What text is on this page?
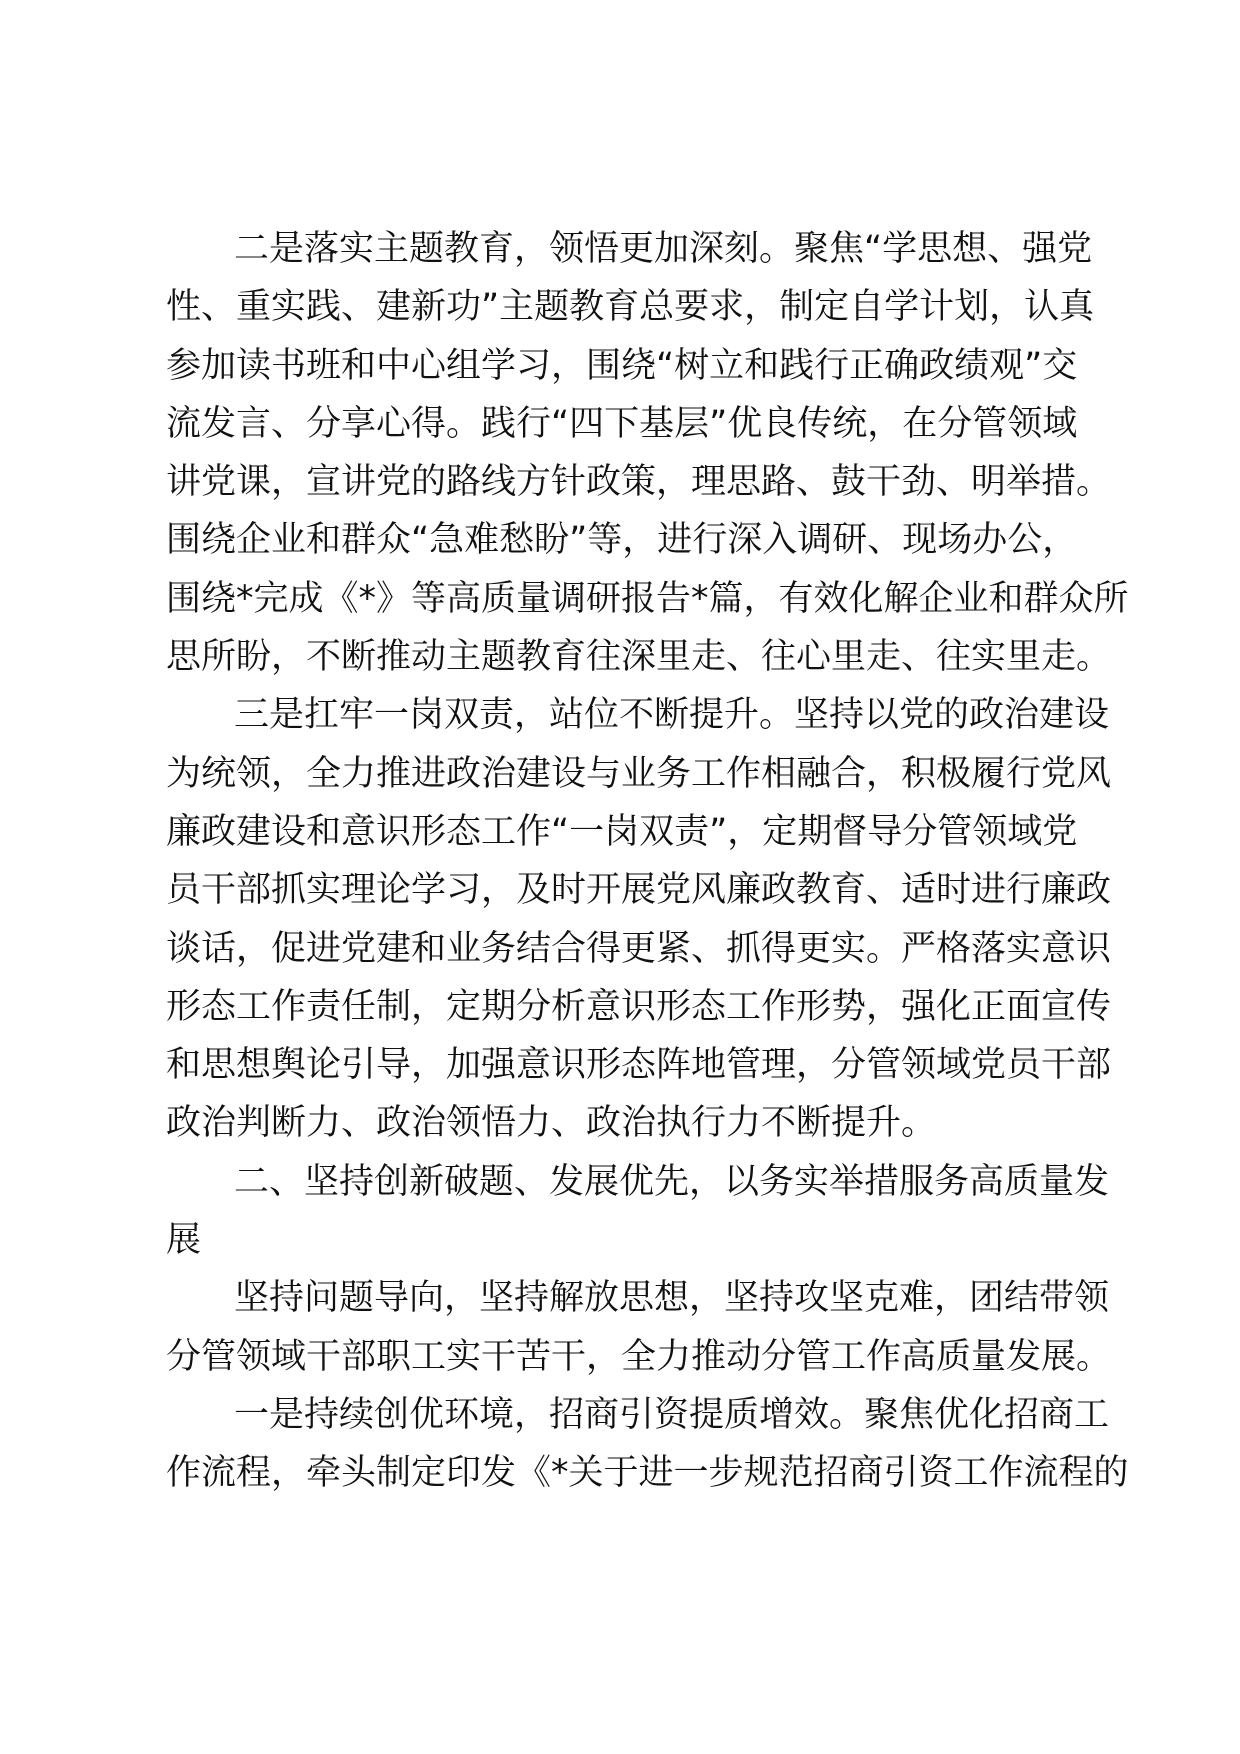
二是落实主题教育，领悟更加深刻。聚焦“学思想、强党
性、重实践、建新功”主题教育总要求，制定自学计划，认真
参加读书班和中心组学习，围绕“树立和践行正确政绩观”交
流发言、分享心得。践行“四下基层”优良传统，在分管领域
讲党课，宣讲党的路线方针政策，理思路、鼓干劲、明举措。
围绕企业和群众“急难愁盼”等，进行深入调研、现场办公，
围绕*完成《*》等高质量调研报告*篇，有效化解企业和群众所
思所盼，不断推动主题教育往深里走、往心里走、往实里走。
三是扛牢一岗双责，站位不断提升。坚持以党的政治建设
为统领，全力推进政治建设与业务工作相融合，积极履行党风
廉政建设和意识形态工作“一岗双责”，定期督导分管领域党
员干部抓实理论学习，及时开展党风廉政教育、适时进行廉政
谈话，促进党建和业务结合得更紧、抓得更实。严格落实意识
形态工作责任制，定期分析意识形态工作形势，强化正面宣传
和思想舆论引导，加强意识形态阵地管理，分管领域党员干部
政治判断力、政治领悟力、政治执行力不断提升。
二、坚持创新破题、发展优先，以务实举措服务高质量发
展
坚持问题导向，坚持解放思想，坚持攻坚克难，团结带领
分管领域干部职工实干苦干，全力推动分管工作高质量发展。
一是持续创优环境，招商引资提质增效。聚焦优化招商工
作流程，牵头制定印发《*关于进一步规范招商引资工作流程的
